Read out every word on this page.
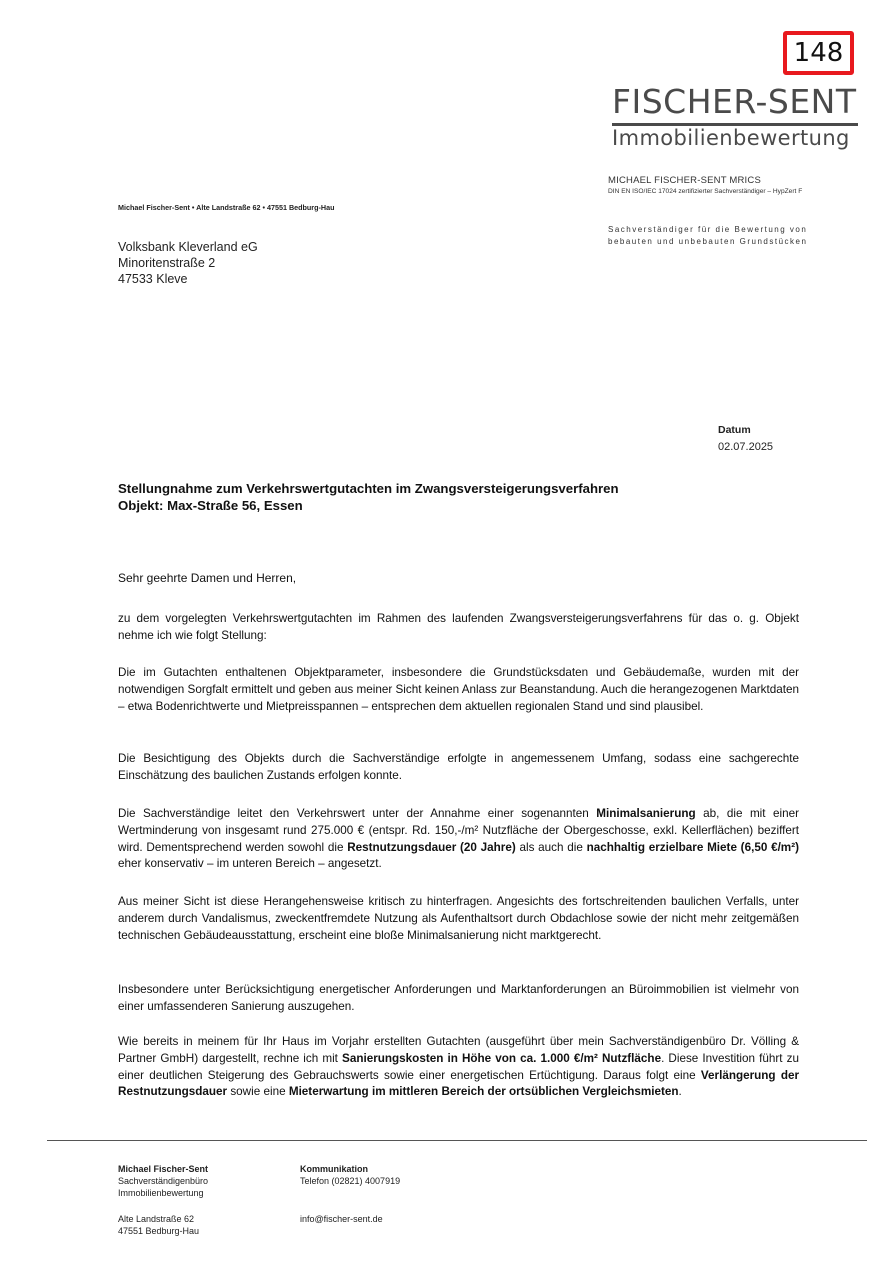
148
FISCHER-SENT
Immobilienbewertung
MICHAEL FISCHER-SENT MRICS
DIN EN ISO/IEC 17024 zertifizierter Sachverständiger – HypZert F
Sachverständiger für die Bewertung von
bebauten und unbebauten Grundstücken
Michael Fischer-Sent • Alte Landstraße 62 • 47551 Bedburg-Hau
Volksbank Kleverland eG
Minoritenstraße 2
47533 Kleve
Datum
02.07.2025
Stellungnahme zum Verkehrswertgutachten im Zwangsversteigerungsverfahren
Objekt: Max-Straße 56, Essen
Sehr geehrte Damen und Herren,
zu dem vorgelegten Verkehrswertgutachten im Rahmen des laufenden Zwangsversteigerungsverfahrens für das o. g. Objekt nehme ich wie folgt Stellung:
Die im Gutachten enthaltenen Objektparameter, insbesondere die Grundstücksdaten und Gebäudemaße, wurden mit der notwendigen Sorgfalt ermittelt und geben aus meiner Sicht keinen Anlass zur Beanstandung. Auch die herangezogenen Marktdaten – etwa Bodenrichtwerte und Mietpreisspannen – entsprechen dem aktuellen regionalen Stand und sind plausibel.
Die Besichtigung des Objekts durch die Sachverständige erfolgte in angemessenem Umfang, sodass eine sachgerechte Einschätzung des baulichen Zustands erfolgen konnte.
Die Sachverständige leitet den Verkehrswert unter der Annahme einer sogenannten Minimalsanierung ab, die mit einer Wertminderung von insgesamt rund 275.000 € (entspr. Rd. 150,-/m² Nutzfläche der Obergeschosse, exkl. Kellerflächen) beziffert wird. Dementsprechend werden sowohl die Restnutzungsdauer (20 Jahre) als auch die nachhaltig erzielbare Miete (6,50 €/m²) eher konservativ – im unteren Bereich – angesetzt.
Aus meiner Sicht ist diese Herangehensweise kritisch zu hinterfragen. Angesichts des fortschreitenden baulichen Verfalls, unter anderem durch Vandalismus, zweckentfremdete Nutzung als Aufenthaltsort durch Obdachlose sowie der nicht mehr zeitgemäßen technischen Gebäudeausstattung, erscheint eine bloße Minimalsanierung nicht marktgerecht.
Insbesondere unter Berücksichtigung energetischer Anforderungen und Marktanforderungen an Büroimmobilien ist vielmehr von einer umfassenderen Sanierung auszugehen.
Wie bereits in meinem für Ihr Haus im Vorjahr erstellten Gutachten (ausgeführt über mein Sachverständigenbüro Dr. Völling & Partner GmbH) dargestellt, rechne ich mit Sanierungskosten in Höhe von ca. 1.000 €/m² Nutzfläche. Diese Investition führt zu einer deutlichen Steigerung des Gebrauchswerts sowie einer energetischen Ertüchtigung. Daraus folgt eine Verlängerung der Restnutzungsdauer sowie eine Mieterwartung im mittleren Bereich der ortsüblichen Vergleichsmieten.
Michael Fischer-Sent
Sachverständigenbüro
Immobilienbewertung
Alte Landstraße 62
47551 Bedburg-Hau
Kommunikation
Telefon (02821) 4007919
info@fischer-sent.de
